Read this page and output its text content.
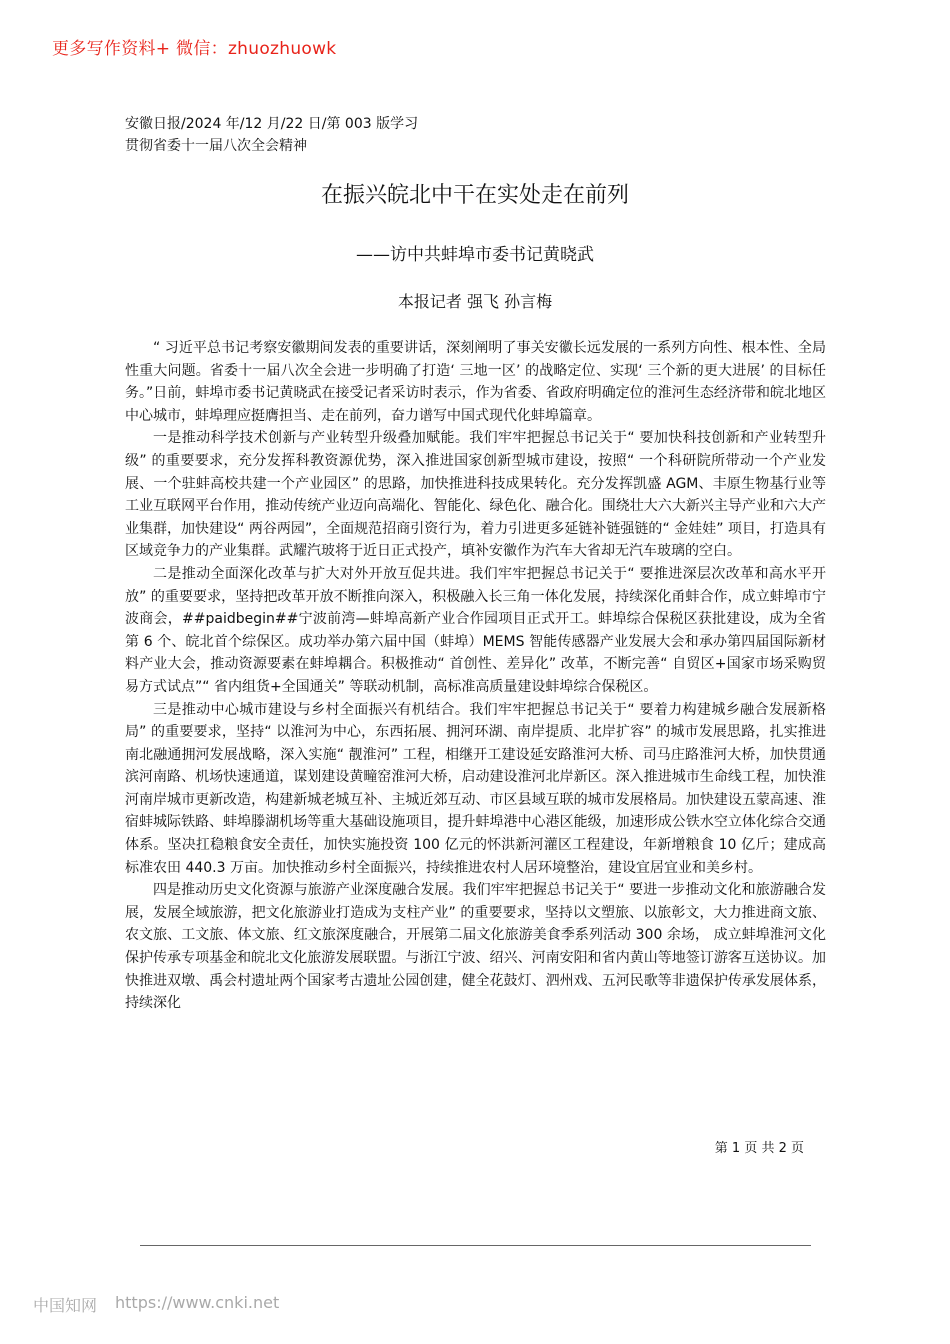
更多写作资料+ 微信：zhuozhuowk
安徽日报/2024 年/12 月/22 日/第 003 版学习贯彻省委十一届八次全会精神
在振兴皖北中干在实处走在前列
——访中共蚌埠市委书记黄晓武
本报记者 强飞 孙言梅

“ 习近平总书记考察安徽期间发表的重要讲话，深刻阐明了事关安徽长远发展的一系列方向性、根本性、全局性重大问题。省委十一届八次全会进一步明确了打造‘ 三地一区’ 的战略定位、实现‘ 三个新的更大进展’ 的目标任务。”日前，蚌埠市委书记黄晓武在接受记者采访时表示，作为省委、省政府明确定位的淮河生态经济带和皖北地区中心城市，蚌埠理应挺膺担当、走在前列，奋力谱写中国式现代化蚌埠篇章。

一是推动科学技术创新与产业转型升级叠加赋能。我们牢牢把握总书记关于“ 要加快科技创新和产业转型升级” 的重要要求，充分发挥科教资源优势，深入推进国家创新型城市建设，按照“ 一个科研院所带动一个产业发展、一个驻蚌高校共建一个产业园区” 的思路，加快推进科技成果转化。充分发挥凯盛 AGM、丰原生物基行业等工业互联网平台作用，推动传统产业迈向高端化、智能化、绿色化、融合化。围绕壮大六大新兴主导产业和六大产业集群，加快建设“ 两谷两园”，全面规范招商引资行为，着力引进更多延链补链强链的“ 金娃娃” 项目，打造具有区域竞争力的产业集群。武耀汽玻将于近日正式投产，填补安徽作为汽车大省却无汽车玻璃的空白。

二是推动全面深化改革与扩大对外开放互促共进。我们牢牢把握总书记关于“ 要推进深层次改革和高水平开放” 的重要要求，坚持把改革开放不断推向深入，积极融入长三角一体化发展，持续深化甬蚌合作，成立蚌埠市宁波商会，##paidbegin##宁波前湾—蚌埠高新产业合作园项目正式开工。蚌埠综合保税区获批建设，成为全省第 6 个、皖北首个综保区。成功举办第六届中国（蚌埠）MEMS 智能传感器产业发展大会和承办第四届国际新材料产业大会，推动资源要素在蚌埠耦合。积极推动“ 首创性、差异化” 改革，不断完善“ 自贸区+国家市场采购贸易方式试点”“ 省内组货+全国通关” 等联动机制，高标准高质量建设蚌埠综合保税区。

三是推动中心城市建设与乡村全面振兴有机结合。我们牢牢把握总书记关于“ 要着力构建城乡融合发展新格局” 的重要要求，坚持“ 以淮河为中心，东西拓展、拥河环湖、南岸提质、北岸扩容” 的城市发展思路，扎实推进南北融通拥河发展战略，深入实施“ 靓淮河” 工程，相继开工建设延安路淮河大桥、司马庄路淮河大桥，加快贯通滨河南路、机场快速通道，谋划建设黄疃窑淮河大桥，启动建设淮河北岸新区。深入推进城市生命线工程，加快淮河南岸城市更新改造，构建新城老城互补、主城近郊互动、市区县域互联的城市发展格局。加快建设五蒙高速、淮宿蚌城际铁路、蚌埠滕湖机场等重大基础设施项目，提升蚌埠港中心港区能级，加速形成公铁水空立体化综合交通体系。坚决扛稳粮食安全责任，加快实施投资 100 亿元的怀洪新河灌区工程建设，年新增粮食 10 亿斤；建成高标准农田 440.3 万亩。加快推动乡村全面振兴，持续推进农村人居环境整治，建设宜居宜业和美乡村。

四是推动历史文化资源与旅游产业深度融合发展。我们牢牢把握总书记关于“ 要进一步推动文化和旅游融合发展，发展全域旅游，把文化旅游业打造成为支柱产业” 的重要要求，坚持以文塑旅、以旅彰文，大力推进商文旅、农文旅、工文旅、体文旅、红文旅深度融合，开展第二届文化旅游美食季系列活动 300 余场， 成立蚌埠淮河文化保护传承专项基金和皖北文化旅游发展联盟。与浙江宁波、绍兴、河南安阳和省内黄山等地签订游客互送协议。加快推进双墩、禹会村遗址两个国家考古遗址公园创建，健全花鼓灯、泗州戏、五河民歌等非遗保护传承发展体系，持续深化

第 1 页 共 2 页
中国知网 https://www.cnki.net
